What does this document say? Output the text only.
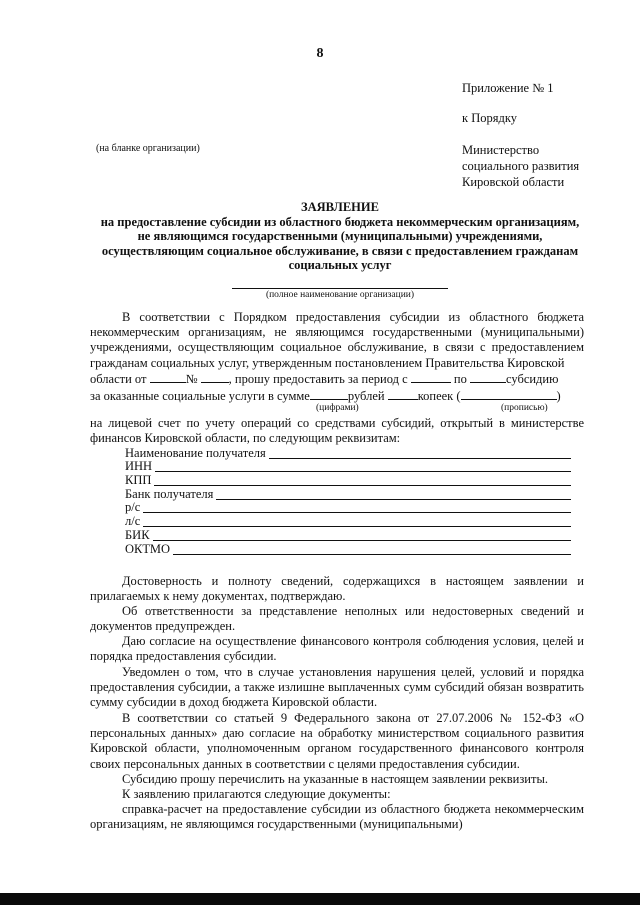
8
Приложение № 1
к Порядку
(на бланке организации)	Министерство
социального развития
Кировской области
ЗАЯВЛЕНИЕ
на предоставление субсидии из областного бюджета некоммерческим организациям,
не являющимся государственными (муниципальными) учреждениями,
осуществляющим социальное обслуживание, в связи с предоставлением гражданам
социальных услуг
(полное наименование организации)
В соответствии с Порядком предоставления субсидии из областного бюджета некоммерческим организациям, не являющимся государственными (муниципальными) учреждениями, осуществляющим социальное обслуживание, в связи с предоставлением гражданам социальных услуг, утвержденным постановлением Правительства Кировской
области от	№ , прошу предоставить за период с	по	субсидию
за оказанные социальные услуги в сумме	рублей	копеек (	)
(цифрами)	(прописью)
на лицевой счет по учету операций со средствами субсидий, открытый в министерстве финансов Кировской области, по следующим реквизитам:
Наименование получателя
ИНН
КПП
Банк получателя
р/с
л/с
БИК
ОКТМО
Достоверность и полноту сведений, содержащихся в настоящем заявлении и прилагаемых к нему документах, подтверждаю.
Об ответственности за представление неполных или недостоверных сведений и документов предупрежден.
Даю согласие на осуществление финансового контроля соблюдения условия, целей и порядка предоставления субсидии.
Уведомлен о том, что в случае установления нарушения целей, условий и порядка предоставления субсидии, а также излишне выплаченных сумм субсидий обязан возвратить сумму субсидии в доход бюджета Кировской области.
В соответствии со статьей 9 Федерального закона от 27.07.2006 № 152-ФЗ «О персональных данных» даю согласие на обработку министерством социального развития Кировской области, уполномоченным органом государственного финансового контроля своих персональных данных в соответствии с целями предоставления субсидии.
Субсидию прошу перечислить на указанные в настоящем заявлении реквизиты.
К заявлению прилагаются следующие документы:
справка-расчет на предоставление субсидии из областного бюджета некоммерческим организациям, не являющимся государственными (муниципальными)
